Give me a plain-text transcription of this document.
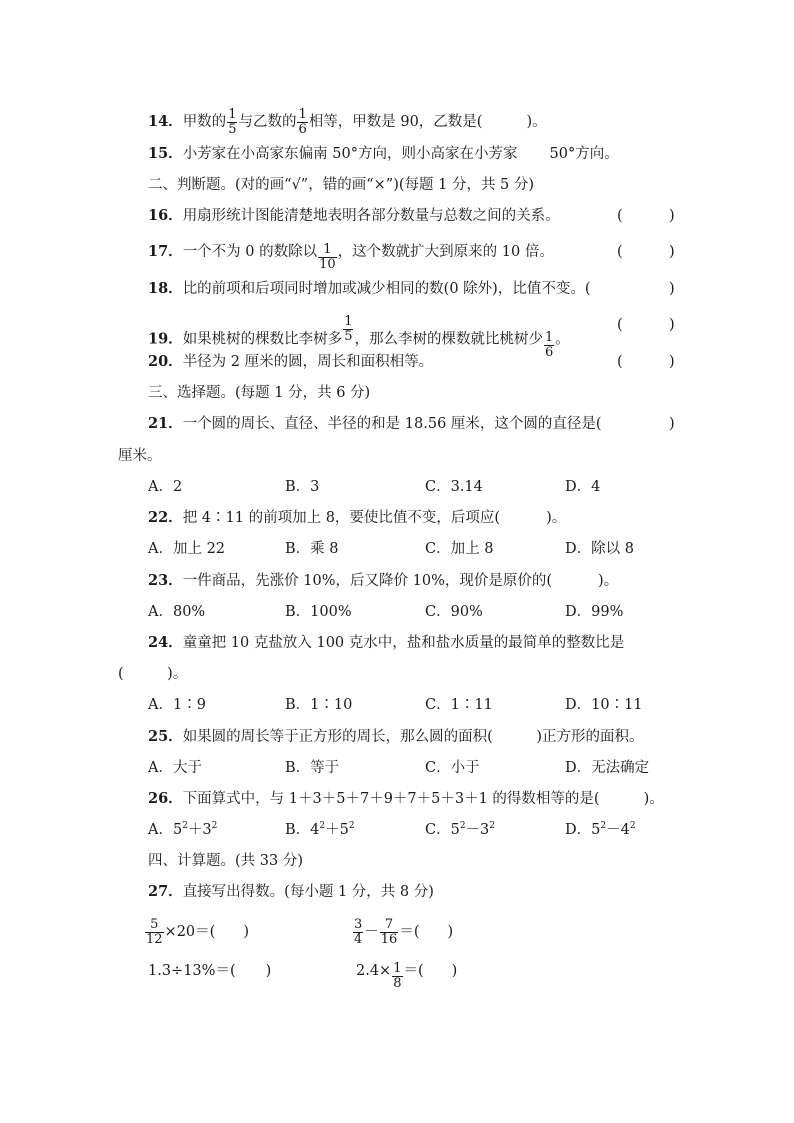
14．甲数的 $\frac{1}{5}$ 与乙数的 $\frac{1}{6}$ 相等，甲数是 90，乙数是(	)。
15．小芳家在小高家东偏南 50°方向，则小高家在小芳家 50°方向。
二、判断题。(对的画“√”，错的画“×”)(每题 1 分，共 5 分)
16．用扇形统计图能清楚地表明各部分数量与总数之间的关系。	(	)
17．一个不为 0 的数除以 $\frac{1}{10}$ ，这个数就扩大到原来的 10 倍。	(	)
18．比的前项和后项同时增加或减少相同的数(0 除外)，比值不变。(	)
19．如果桃树的棵数比李树多 $\frac{1}{5}$ ，那么李树的棵数就比桃树少 $\frac{1}{6}$ 。
(	)
20．半径为 2 厘米的圆，周长和面积相等。	(	)
三、选择题。(每题 1 分，共 6 分)
21．一个圆的周长、直径、半径的和是 18.56 厘米，这个圆的直径是(	)
厘米。
A．2	B．3	C．3.14	D．4
22．把 4∶11 的前项加上 8，要使比值不变，后项应(	)。
A．加上 22	B．乘 8	C．加上 8	D．除以 8
23．一件商品，先涨价 10%，后又降价 10%，现价是原价的(	)。
A．80%	B．100%	C．90%	D．99%
24．童童把 10 克盐放入 100 克水中，盐和盐水质量的最简单的整数比是
(　　　)。
A．1∶9	B．1∶10	C．1∶11	D．10∶11
25．如果圆的周长等于正方形的周长，那么圆的面积(　　　)正方形的面积。
A．大于	B．等于	C．小于	D．无法确定
26．下面算式中，与 1＋3＋5＋7＋9＋7＋5＋3＋1 的得数相等的是(	)。
A．$5^2+3^2$	B．$4^2+5^2$	C．$5^2-3^2$	D．$5^2-4^2$
四、计算题。(共 33 分)
27．直接写出得数。(每小题 1 分，共 8 分)
$\frac{5}{12} \times 20=$( )	$\frac{3}{4} - \frac{7}{16}$ ＝( )
1.3÷13%＝( )	$2.4\times \frac{1}{8}$ ＝( )
